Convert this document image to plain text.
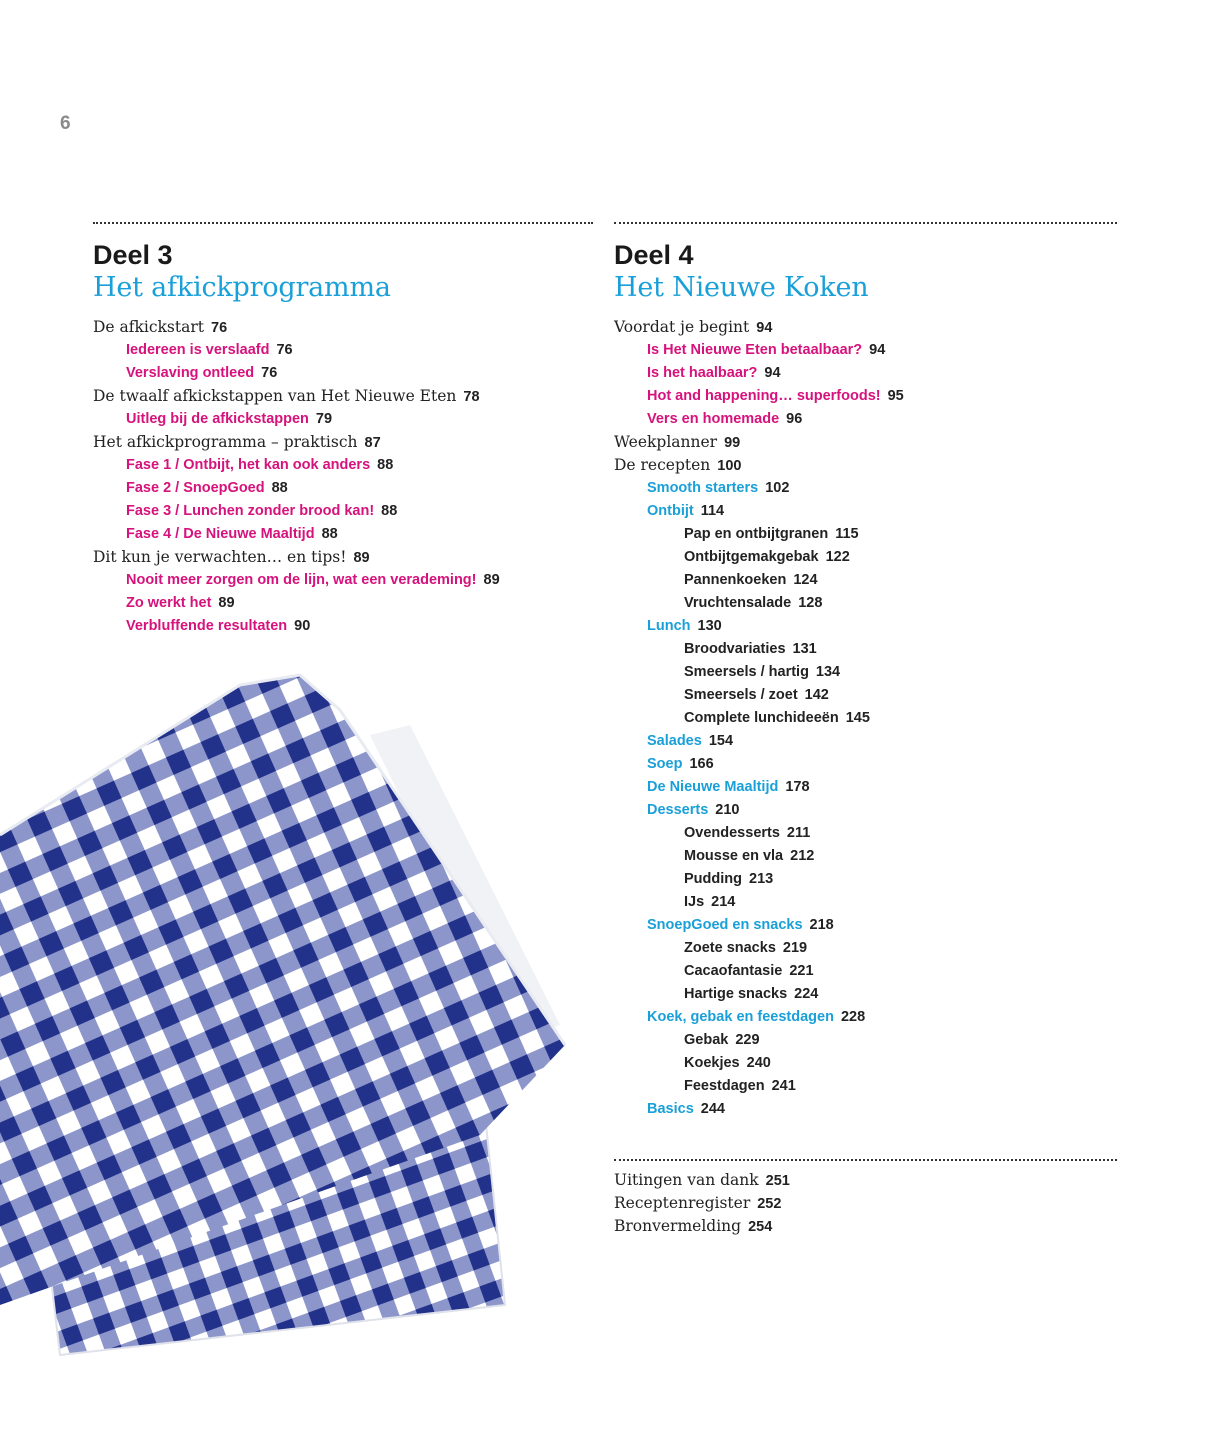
6
Deel 3
Het afkickprogramma
De afkickstart 76
Iedereen is verslaafd 76
Verslaving ontleed 76
De twaalf afkickstappen van Het Nieuwe Eten 78
Uitleg bij de afkickstappen 79
Het afkickprogramma – praktisch 87
Fase 1 / Ontbijt, het kan ook anders 88
Fase 2 / SnoepGoed 88
Fase 3 / Lunchen zonder brood kan! 88
Fase 4 / De Nieuwe Maaltijd 88
Dit kun je verwachten… en tips! 89
Nooit meer zorgen om de lijn, wat een verademing! 89
Zo werkt het 89
Verbluffende resultaten 90
Deel 4
Het Nieuwe Koken
Voordat je begint 94
Is Het Nieuwe Eten betaalbaar? 94
Is het haalbaar? 94
Hot and happening… superfoods! 95
Vers en homemade 96
Weekplanner 99
De recepten 100
Smooth starters 102
Ontbijt 114
Pap en ontbijtgranen 115
Ontbijtgemakgebak 122
Pannenkoeken 124
Vruchtensalade 128
Lunch 130
Broodvariaties 131
Smeersels / hartig 134
Smeersels / zoet 142
Complete lunchideeën 145
Salades 154
Soep 166
De Nieuwe Maaltijd 178
Desserts 210
Ovendesserts 211
Mousse en vla 212
Pudding 213
IJs 214
SnoepGoed en snacks 218
Zoete snacks 219
Cacaofantasie 221
Hartige snacks 224
Koek, gebak en feestdagen 228
Gebak 229
Koekjes 240
Feestdagen 241
Basics 244
Uitingen van dank 251
Receptenregister 252
Bronvermelding 254
